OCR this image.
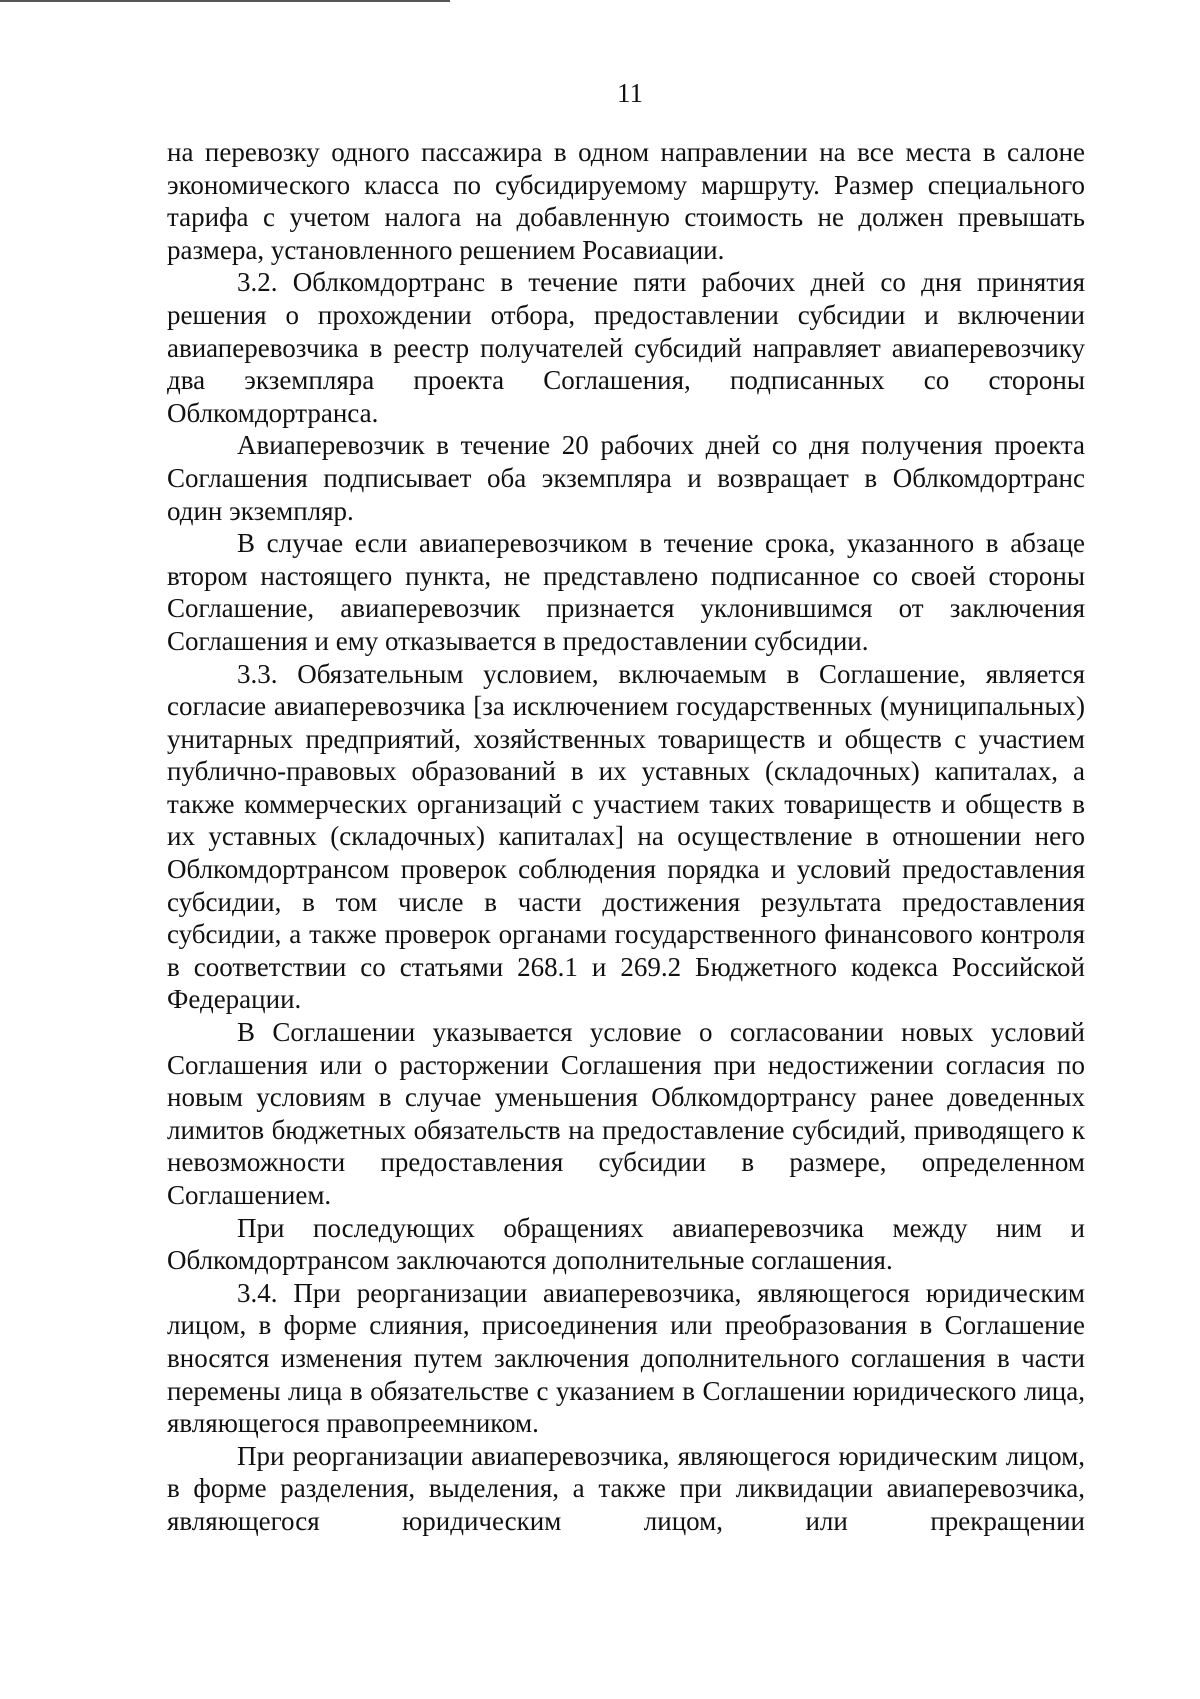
11

на перевозку одного пассажира в одном направлении на все места в салоне экономического класса по субсидируемому маршруту. Размер специального тарифа с учетом налога на добавленную стоимость не должен превышать размера, установленного решением Росавиации.

3.2. Облкомдортранс в течение пяти рабочих дней со дня принятия решения о прохождении отбора, предоставлении субсидии и включении авиаперевозчика в реестр получателей субсидий направляет авиаперевозчику два экземпляра проекта Соглашения, подписанных со стороны Облкомдортранса.

Авиаперевозчик в течение 20 рабочих дней со дня получения проекта Соглашения подписывает оба экземпляра и возвращает в Облкомдортранс один экземпляр.

В случае если авиаперевозчиком в течение срока, указанного в абзаце втором настоящего пункта, не представлено подписанное со своей стороны Соглашение, авиаперевозчик признается уклонившимся от заключения Соглашения и ему отказывается в предоставлении субсидии.

3.3. Обязательным условием, включаемым в Соглашение, является согласие авиаперевозчика [за исключением государственных (муниципальных) унитарных предприятий, хозяйственных товариществ и обществ с участием публично-правовых образований в их уставных (складочных) капиталах, а также коммерческих организаций с участием таких товариществ и обществ в их уставных (складочных) капиталах] на осуществление в отношении него Облкомдортрансом проверок соблюдения порядка и условий предоставления субсидии, в том числе в части достижения результата предоставления субсидии, а также проверок органами государственного финансового контроля в соответствии со статьями 268.1 и 269.2 Бюджетного кодекса Российской Федерации.

В Соглашении указывается условие о согласовании новых условий Соглашения или о расторжении Соглашения при недостижении согласия по новым условиям в случае уменьшения Облкомдортрансу ранее доведенных лимитов бюджетных обязательств на предоставление субсидий, приводящего к невозможности предоставления субсидии в размере, определенном Соглашением.

При последующих обращениях авиаперевозчика между ним и Облкомдортрансом заключаются дополнительные соглашения.

3.4. При реорганизации авиаперевозчика, являющегося юридическим лицом, в форме слияния, присоединения или преобразования в Соглашение вносятся изменения путем заключения дополнительного соглашения в части перемены лица в обязательстве с указанием в Соглашении юридического лица, являющегося правопреемником.

При реорганизации авиаперевозчика, являющегося юридическим лицом, в форме разделения, выделения, а также при ликвидации авиаперевозчика, являющегося юридическим лицом, или прекращении
